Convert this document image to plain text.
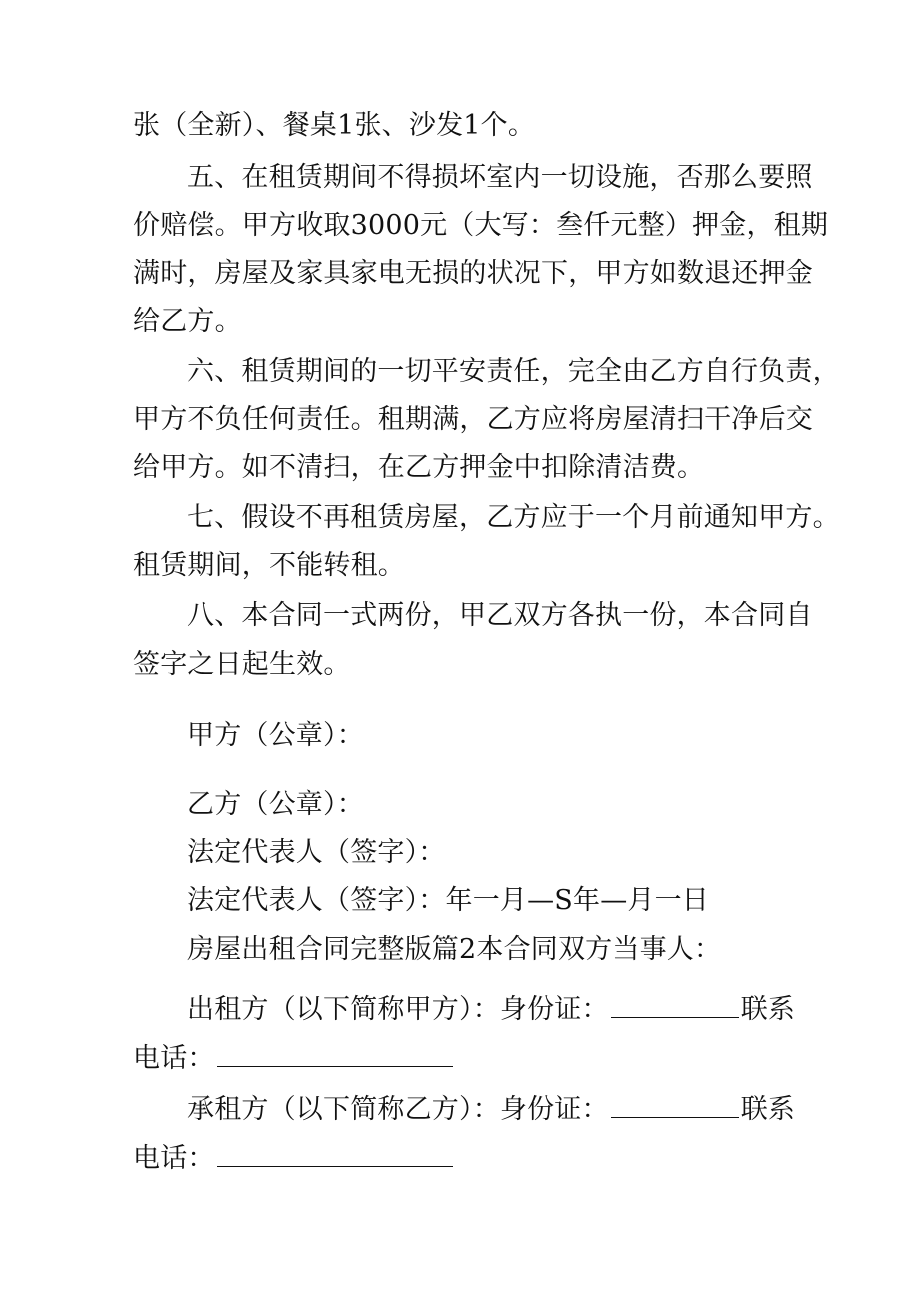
张（全新）、餐桌1张、沙发1个。
五、在租赁期间不得损坏室内一切设施，否那么要照
价赔偿。甲方收取3000元（大写：叁仟元整）押金，租期
满时，房屋及家具家电无损的状况下，甲方如数退还押金
给乙方。
六、租赁期间的一切平安责任，完全由乙方自行负责，
甲方不负任何责任。租期满，乙方应将房屋清扫干净后交
给甲方。如不清扫，在乙方押金中扣除清洁费。
七、假设不再租赁房屋，乙方应于一个月前通知甲方。
租赁期间，不能转租。
八、本合同一式两份，甲乙双方各执一份，本合同自
签字之日起生效。
甲方（公章）：
乙方（公章）：
法定代表人（签字）：
法定代表人（签字）：年一月—S年—月一日
房屋出租合同完整版篇2本合同双方当事人：
出租方（以下简称甲方）：身份证：	联系
电话：
承租方（以下简称乙方）：身份证：	联系
电话：
